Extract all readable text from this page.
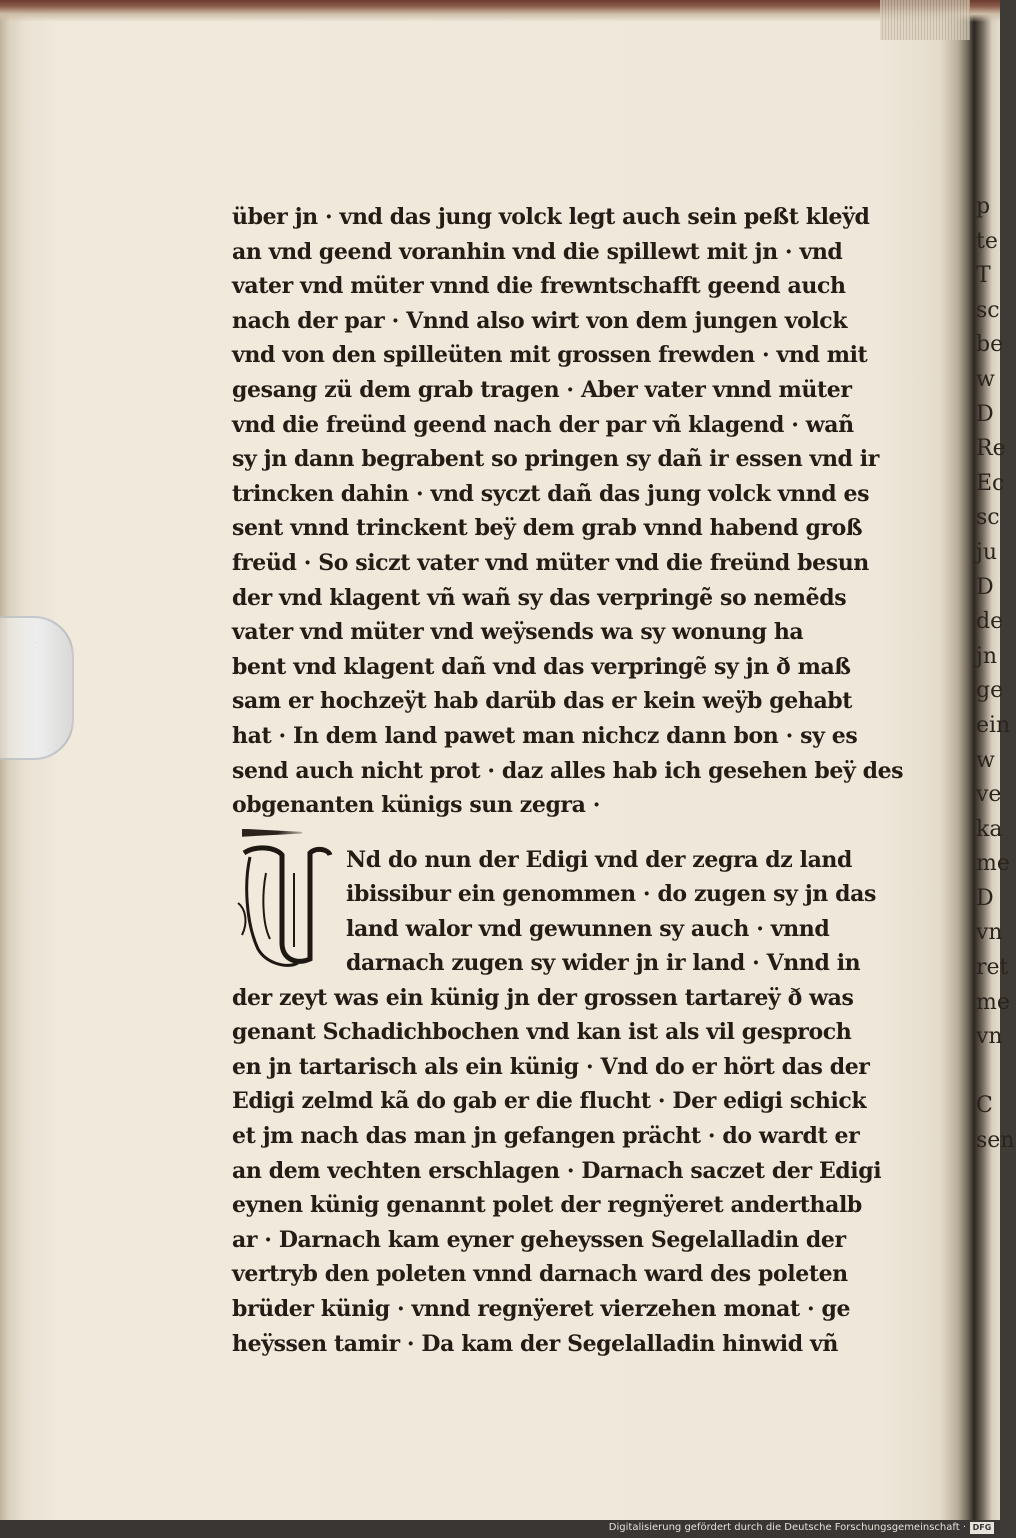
p
te
T
sc
be
w
D
Re
Ec
sc
ju
D
de
jn
ge
ein
w
ve
ka
me
D
vn
ret
me
vn
C
sen
über jn · vnd das jung volck legt auch sein peßt kleÿd
an vnd geend voranhin vnd die spillewt mit jn · vnd
vater vnd müter vnnd die frewntschafft geend auch
nach der par · Vnnd also wirt von dem jungen volck
vnd von den spilleüten mit grossen frewden · vnd mit
gesang zü dem grab tragen · Aber vater vnnd müter
vnd die freünd geend nach der par vñ klagend · wañ
sy jn dann begrabent so pringen sy dañ ir essen vnd ir
trincken dahin · vnd syczt dañ das jung volck vnnd es
sent vnnd trinckent beÿ dem grab vnnd habend groß
freüd · So siczt vater vnd müter vnd die freünd besun
der vnd klagent vñ wañ sy das verpringẽ so nemẽds
vater vnd müter vnd weÿsends wa sy wonung ha
bent vnd klagent dañ vnd das verpringẽ sy jn ð maß
sam er hochzeÿt hab darüb das er kein weÿb gehabt
hat · In dem land pawet man nichcz dann bon · sy es
send auch nicht prot · daz alles hab ich gesehen beÿ des
obgenanten künigs sun zegra ·
V
Nd do nun der Edigi vnd der zegra dz land
ibissibur ein genommen · do zugen sy jn das
land walor vnd gewunnen sy auch · vnnd
darnach zugen sy wider jn ir land · Vnnd in
der zeyt was ein künig jn der grossen tartareÿ ð was
genant Schadichbochen vnd kan ist als vil gesproch
en jn tartarisch als ein künig · Vnd do er hört das der
Edigi zelmd kã do gab er die flucht · Der edigi schick
et jm nach das man jn gefangen prächt · do wardt er
an dem vechten erschlagen · Darnach saczet der Edigi
eynen künig genannt polet der regnÿeret anderthalb
ar · Darnach kam eyner geheyssen Segelalladin der
vertryb den poleten vnnd darnach ward des poleten
brüder künig · vnnd regnÿeret vierzehen monat · ge
heÿssen tamir · Da kam der Segelalladin hinwid vñ
Digitalisierung gefördert durch die Deutsche Forschungsgemeinschaft · DFG
